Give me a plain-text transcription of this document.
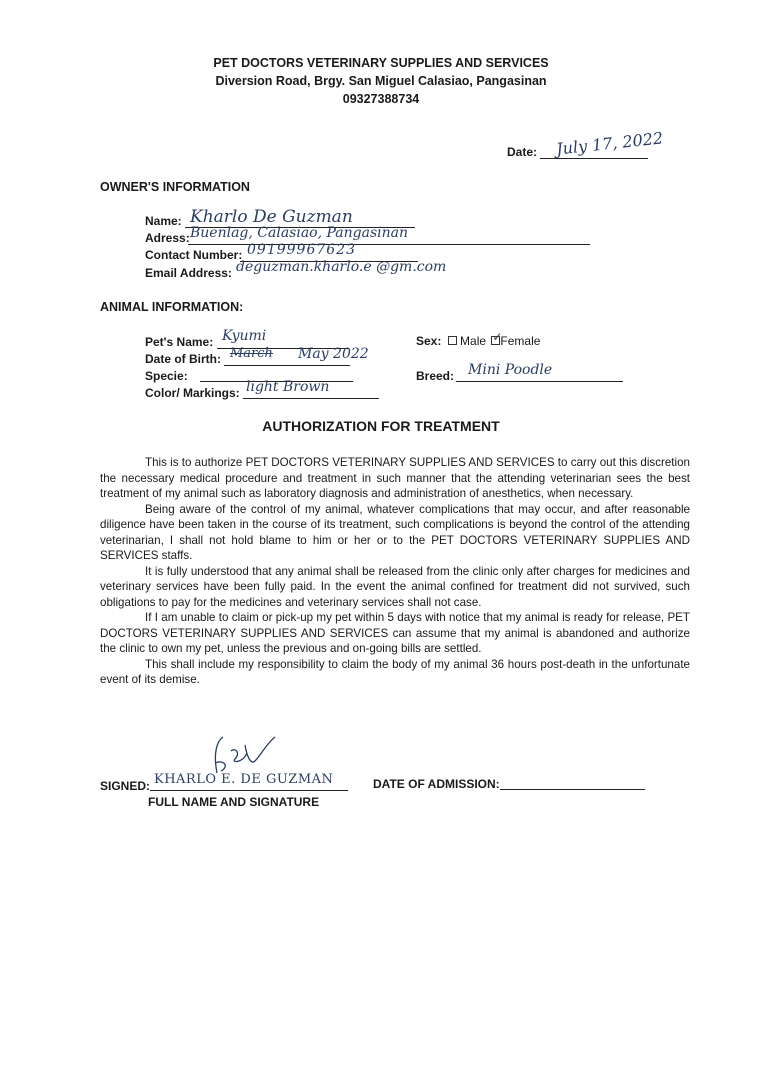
PET DOCTORS VETERINARY SUPPLIES AND SERVICES
Diversion Road, Brgy. San Miguel Calasiao, Pangasinan
09327388734
Date: July 17, 2022
OWNER'S INFORMATION
Name: Kharlo De Guzman
Adress: Buenlag, Calasiao, Pangasinan
Contact Number: 09199967623
Email Address: deguzman.kharlo.e @gm.com
ANIMAL INFORMATION:
Pet's Name: Kyumi
Date of Birth: March May 2022
Specie:
Color/ Markings: light Brown
Sex: Male ✓
Female
Breed: Mini Poodle
AUTHORIZATION FOR TREATMENT

This is to authorize PET DOCTORS VETERINARY SUPPLIES AND SERVICES to carry out this discretion the necessary medical procedure and treatment in such manner that the attending veterinarian sees the best treatment of my animal such as laboratory diagnosis and administration of anesthetics, when necessary.

Being aware of the control of my animal, whatever complications that may occur, and after reasonable diligence have been taken in the course of its treatment, such complications is beyond the control of the attending veterinarian, I shall not hold blame to him or her or to the PET DOCTORS VETERINARY SUPPLIES AND SERVICES staffs.

It is fully understood that any animal shall be released from the clinic only after charges for medicines and veterinary services have been fully paid. In the event the animal confined for treatment did not survived, such obligations to pay for the medicines and veterinary services shall not case.

If I am unable to claim or pick-up my pet within 5 days with notice that my animal is ready for release, PET DOCTORS VETERINARY SUPPLIES AND SERVICES can assume that my animal is abandoned and authorize the clinic to own my pet, unless the previous and on-going bills are settled.

This shall include my responsibility to claim the body of my animal 36 hours post-death in the unfortunate event of its demise.

SIGNED: KHARLO E. DE GUZMAN
FULL NAME AND SIGNATURE
DATE OF ADMISSION:
